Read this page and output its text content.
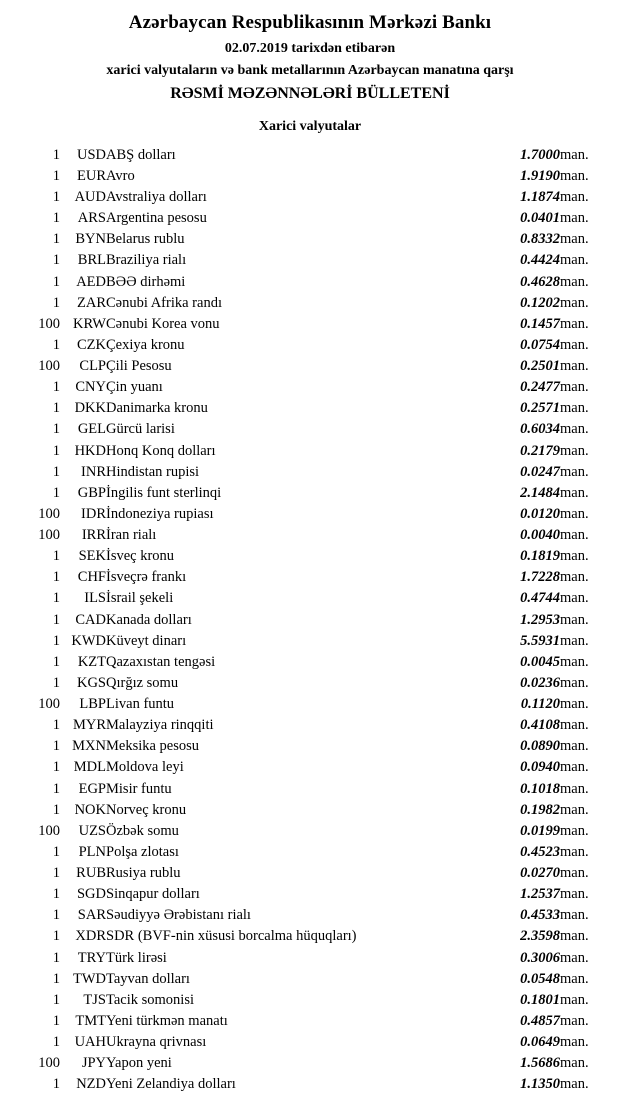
Azərbaycan Respublikasının Mərkəzi Bankı
02.07.2019 tarixdən etibarən
xarici valyutaların və bank metallarının Azərbaycan manatına qarşı
RƏSMİ MƏZƏNNƏLƏRİ BÜLLETENİ
Xarici valyutalar
1	USD	ABŞ dolları	1.7000	man.
1	EUR	Avro	1.9190	man.
1	AUD	Avstraliya dolları	1.1874	man.
1	ARS	Argentina pesosu	0.0401	man.
1	BYN	Belarus rublu	0.8332	man.
1	BRL	Braziliya rialı	0.4424	man.
1	AED	BƏƏ dirhəmi	0.4628	man.
1	ZAR	Cənubi Afrika randı	0.1202	man.
100	KRW	Cənubi Korea vonu	0.1457	man.
1	CZK	Çexiya kronu	0.0754	man.
100	CLP	Çili Pesosu	0.2501	man.
1	CNY	Çin yuanı	0.2477	man.
1	DKK	Danimarka kronu	0.2571	man.
1	GEL	Gürcü larisi	0.6034	man.
1	HKD	Honq Konq dolları	0.2179	man.
1	INR	Hindistan rupisi	0.0247	man.
1	GBP	İngilis funt sterlinqi	2.1484	man.
100	IDR	İndoneziya rupiası	0.0120	man.
100	IRR	İran rialı	0.0040	man.
1	SEK	İsveç kronu	0.1819	man.
1	CHF	İsveçrə frankı	1.7228	man.
1	ILS	İsrail şekeli	0.4744	man.
1	CAD	Kanada dolları	1.2953	man.
1	KWD	Küveyt dinarı	5.5931	man.
1	KZT	Qazaxıstan tengəsi	0.0045	man.
1	KGS	Qırğız somu	0.0236	man.
100	LBP	Livan funtu	0.1120	man.
1	MYR	Malayziya rinqqiti	0.4108	man.
1	MXN	Meksika pesosu	0.0890	man.
1	MDL	Moldova leyi	0.0940	man.
1	EGP	Misir funtu	0.1018	man.
1	NOK	Norveç kronu	0.1982	man.
100	UZS	Özbək somu	0.0199	man.
1	PLN	Polşa zlotası	0.4523	man.
1	RUB	Rusiya rublu	0.0270	man.
1	SGD	Sinqapur dolları	1.2537	man.
1	SAR	Səudiyyə Ərəbistanı rialı	0.4533	man.
1	XDR	SDR (BVF-nin xüsusi borcalma hüquqları)	2.3598	man.
1	TRY	Türk lirəsi	0.3006	man.
1	TWD	Tayvan dolları	0.0548	man.
1	TJS	Tacik somonisi	0.1801	man.
1	TMT	Yeni türkmən manatı	0.4857	man.
1	UAH	Ukrayna qrivnası	0.0649	man.
100	JPY	Yapon yeni	1.5686	man.
1	NZD	Yeni Zelandiya dolları	1.1350	man.
